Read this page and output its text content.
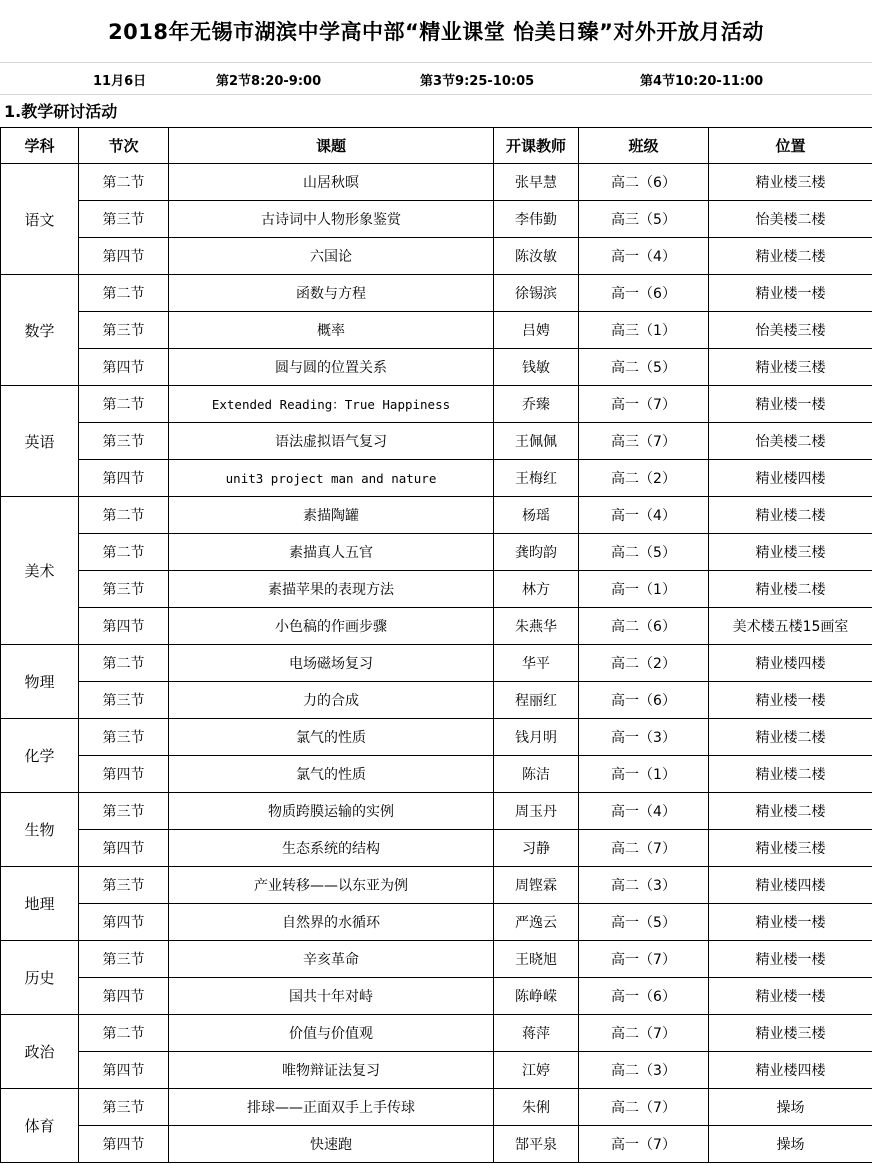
2018年无锡市湖滨中学高中部“精业课堂 怡美日臻”对外开放月活动
11月6日	第2节8:20-9:00	第3节9:25-10:05	第4节10:20-11:00
1.教学研讨活动
学科	节次	课题	开课教师	班级	位置
语文	第二节	山居秋暝	张早慧	高二（6）	精业楼三楼
	第三节	古诗词中人物形象鉴赏	李伟勤	高三（5）	怡美楼二楼
	第四节	六国论	陈汝敏	高一（4）	精业楼二楼
数学	第二节	函数与方程	徐锡滨	高一（6）	精业楼一楼
	第三节	概率	吕娉	高三（1）	怡美楼三楼
	第四节	圆与圆的位置关系	钱敏	高二（5）	精业楼三楼
英语	第二节	Extended Reading：True Happiness	乔臻	高一（7）	精业楼一楼
	第三节	语法虚拟语气复习	王佩佩	高三（7）	怡美楼二楼
	第四节	unit3 project man and nature	王梅红	高二（2）	精业楼四楼
美术	第二节	素描陶罐	杨瑶	高一（4）	精业楼二楼
	第二节	素描真人五官	龚昀韵	高二（5）	精业楼三楼
	第三节	素描苹果的表现方法	林方	高一（1）	精业楼二楼
	第四节	小色稿的作画步骤	朱燕华	高二（6）	美术楼五楼15画室
物理	第二节	电场磁场复习	华平	高二（2）	精业楼四楼
	第三节	力的合成	程丽红	高一（6）	精业楼一楼
化学	第三节	氯气的性质	钱月明	高一（3）	精业楼二楼
	第四节	氯气的性质	陈洁	高一（1）	精业楼二楼
生物	第三节	物质跨膜运输的实例	周玉丹	高一（4）	精业楼二楼
	第四节	生态系统的结构	习静	高二（7）	精业楼三楼
地理	第三节	产业转移——以东亚为例	周铿霖	高二（3）	精业楼四楼
	第四节	自然界的水循环	严逸云	高一（5）	精业楼一楼
历史	第三节	辛亥革命	王晓旭	高一（7）	精业楼一楼
	第四节	国共十年对峙	陈峥嵘	高一（6）	精业楼一楼
政治	第二节	价值与价值观	蒋萍	高二（7）	精业楼三楼
	第四节	唯物辩证法复习	江婷	高二（3）	精业楼四楼
体育	第三节	排球——正面双手上手传球	朱俐	高二（7）	操场
	第四节	快速跑	郜平泉	高一（7）	操场
